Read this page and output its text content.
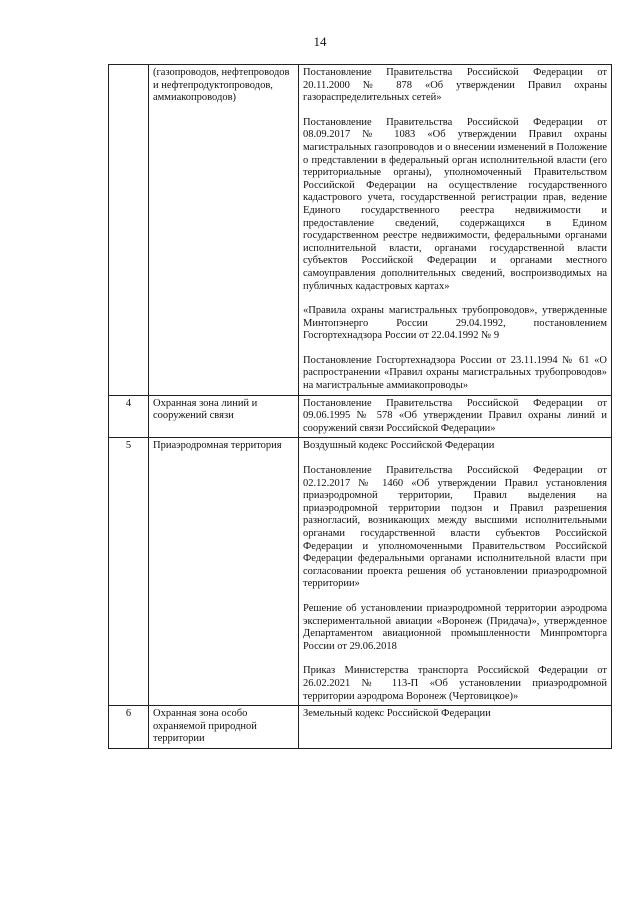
14
	(газопроводов, нефтепроводов и нефтепродуктопроводов, аммиакопроводов)	Постановление Правительства Российской Федерации от 20.11.2000 № 878 «Об утверждении Правил охраны газораспределительных сетей»

Постановление Правительства Российской Федерации от 08.09.2017 № 1083 «Об утверждении Правил охраны магистральных газопроводов и о внесении изменений в Положение о представлении в федеральный орган исполнительной власти (его территориальные органы), уполномоченный Правительством Российской Федерации на осуществление государственного кадастрового учета, государственной регистрации прав, ведение Единого государственного реестра недвижимости и предоставление сведений, содержащихся в Едином государственном реестре недвижимости, федеральными органами исполнительной власти, органами государственной власти субъектов Российской Федерации и органами местного самоуправления дополнительных сведений, воспроизводимых на публичных кадастровых картах»

«Правила охраны магистральных трубопроводов», утвержденные Минтопэнерго России 29.04.1992, постановлением Госгортехнадзора России от 22.04.1992 № 9

Постановление Госгортехнадзора России от 23.11.1994 № 61 «О распространении «Правил охраны магистральных трубопроводов» на магистральные аммиакопроводы»

4	Охранная зона линий и сооружений связи	Постановление Правительства Российской Федерации от 09.06.1995 № 578 «Об утверждении Правил охраны линий и сооружений связи Российской Федерации»

5	Приаэродромная территория	Воздушный кодекс Российской Федерации

Постановление Правительства Российской Федерации от 02.12.2017 № 1460 «Об утверждении Правил установления приаэродромной территории, Правил выделения на приаэродромной территории подзон и Правил разрешения разногласий, возникающих между высшими исполнительными органами государственной власти субъектов Российской Федерации и уполномоченными Правительством Российской Федерации федеральными органами исполнительной власти при согласовании проекта решения об установлении приаэродромной территории»

Решение об установлении приаэродромной территории аэродрома экспериментальной авиации «Воронеж (Придача)», утвержденное Департаментом авиационной промышленности Минпромторга России от 29.06.2018

Приказ Министерства транспорта Российской Федерации от 26.02.2021 № 113-П «Об установлении приаэродромной территории аэродрома Воронеж (Чертовицкое)»

6	Охранная зона особо охраняемой природной территории	Земельный кодекс Российской Федерации
